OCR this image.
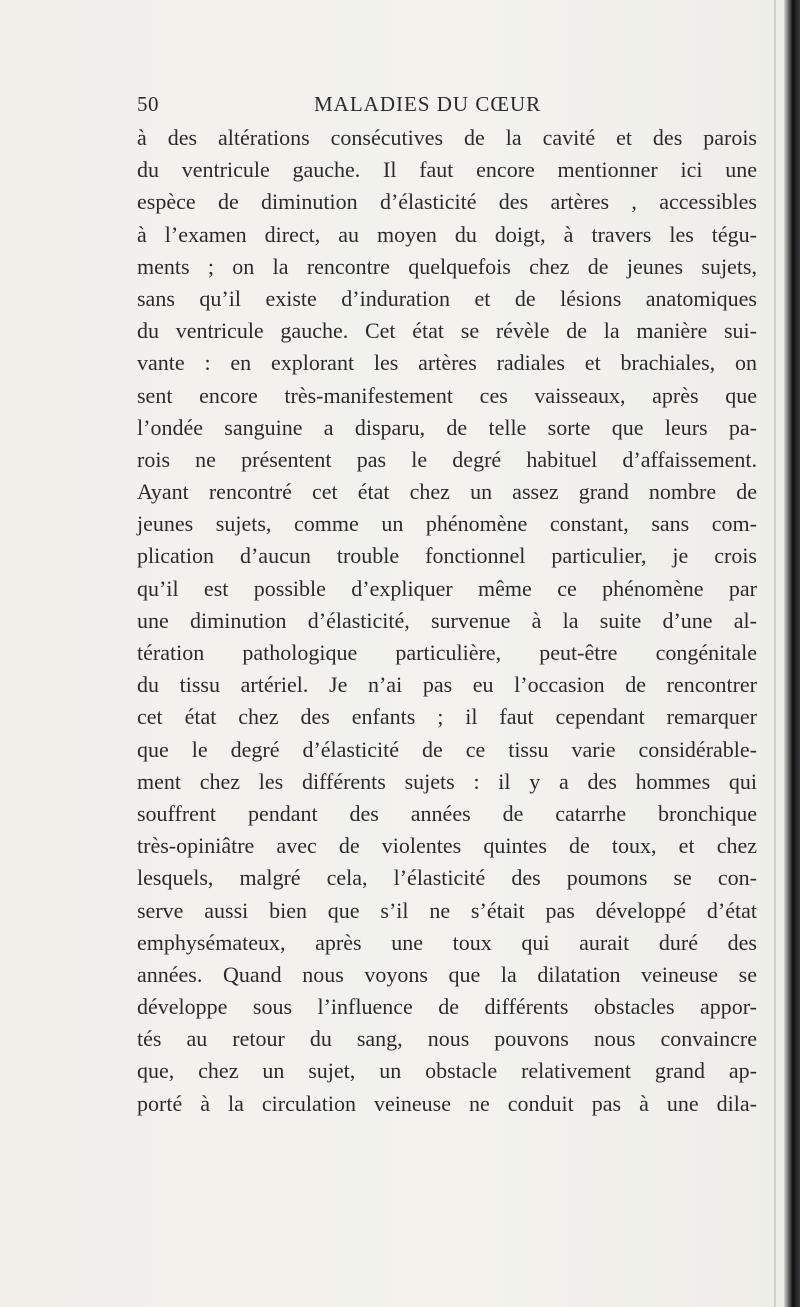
50	MALADIES DU CŒUR
à des altérations consécutives de la cavité et des parois
du ventricule gauche. Il faut encore mentionner ici une
espèce de diminution d’élasticité des artères , accessibles
à l’examen direct, au moyen du doigt, à travers les tégu-
ments ; on la rencontre quelquefois chez de jeunes sujets,
sans qu’il existe d’induration et de lésions anatomiques
du ventricule gauche. Cet état se révèle de la manière sui-
vante : en explorant les artères radiales et brachiales, on
sent encore très-manifestement ces vaisseaux, après que
l’ondée sanguine a disparu, de telle sorte que leurs pa-
rois ne présentent pas le degré habituel d’affaissement.
Ayant rencontré cet état chez un assez grand nombre de
jeunes sujets, comme un phénomène constant, sans com-
plication d’aucun trouble fonctionnel particulier, je crois
qu’il est possible d’expliquer même ce phénomène par
une diminution d’élasticité, survenue à la suite d’une al-
tération pathologique particulière, peut-être congénitale
du tissu artériel. Je n’ai pas eu l’occasion de rencontrer
cet état chez des enfants ; il faut cependant remarquer
que le degré d’élasticité de ce tissu varie considérable-
ment chez les différents sujets : il y a des hommes qui
souffrent pendant des années de catarrhe bronchique
très-opiniâtre avec de violentes quintes de toux, et chez
lesquels, malgré cela, l’élasticité des poumons se con-
serve aussi bien que s’il ne s’était pas développé d’état
emphysémateux, après une toux qui aurait duré des
années. Quand nous voyons que la dilatation veineuse se
développe sous l’influence de différents obstacles appor-
tés au retour du sang, nous pouvons nous convaincre
que, chez un sujet, un obstacle relativement grand ap-
porté à la circulation veineuse ne conduit pas à une dila-
